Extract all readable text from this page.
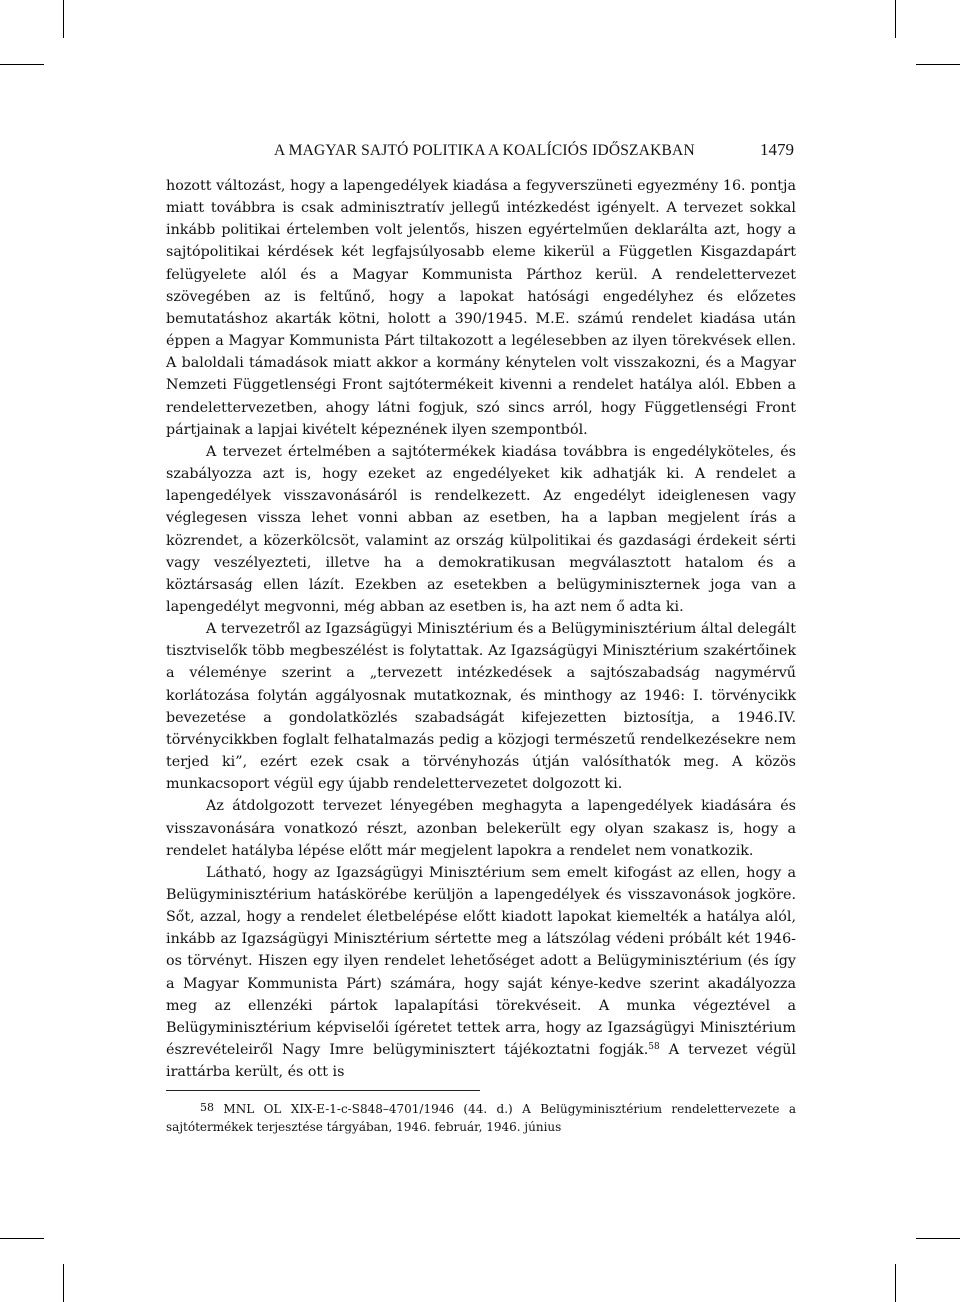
A MAGYAR SAJTÓ POLITIKA A KOALÍCIÓS IDŐSZAKBAN	1479

hozott változást, hogy a lapengedélyek kiadása a fegyverszüneti egyezmény 16. pontja miatt továbbra is csak adminisztratív jellegű intézkedést igényelt. A tervezet sokkal inkább politikai értelemben volt jelentős, hiszen egyértelműen deklarálta azt, hogy a sajtópolitikai kérdések két legfajsúlyosabb eleme kikerül a Független Kisgazdapárt felügyelete alól és a Magyar Kommunista Párthoz kerül. A rendelettervezet szövegében az is feltűnő, hogy a lapokat hatósági engedélyhez és előzetes bemutatáshoz akarták kötni, holott a 390/1945. M.E. számú rendelet kiadása után éppen a Magyar Kommunista Párt tiltakozott a legélesebben az ilyen törekvések ellen. A baloldali támadások miatt akkor a kormány kénytelen volt visszakozni, és a Magyar Nemzeti Függetlenségi Front sajtótermékeit kivenni a rendelet hatálya alól. Ebben a rendelettervezetben, ahogy látni fogjuk, szó sincs arról, hogy Függetlenségi Front pártjainak a lapjai kivételt képeznének ilyen szempontból.

A tervezet értelmében a sajtótermékek kiadása továbbra is engedélyköteles, és szabályozza azt is, hogy ezeket az engedélyeket kik adhatják ki. A rendelet a lapengedélyek visszavonásáról is rendelkezett. Az engedélyt ideiglenesen vagy véglegesen vissza lehet vonni abban az esetben, ha a lapban megjelent írás a közrendet, a közerkölcsöt, valamint az ország külpolitikai és gazdasági érdekeit sérti vagy veszélyezteti, illetve ha a demokratikusan megválasztott hatalom és a köztársaság ellen lázít. Ezekben az esetekben a belügyminiszternek joga van a lapengedélyt megvonni, még abban az esetben is, ha azt nem ő adta ki.

A tervezetről az Igazságügyi Minisztérium és a Belügyminisztérium által delegált tisztviselők több megbeszélést is folytattak. Az Igazságügyi Minisztérium szakértőinek a véleménye szerint a „tervezett intézkedések a sajtószabadság nagymérvű korlátozása folytán aggályosnak mutatkoznak, és minthogy az 1946: I. törvénycikk bevezetése a gondolatközlés szabadságát kifejezetten biztosítja, a 1946.IV. törvénycikkben foglalt felhatalmazás pedig a közjogi természetű rendelkezésekre nem terjed ki”, ezért ezek csak a törvényhozás útján valósíthatók meg. A közös munkacsoport végül egy újabb rendelettervezetet dolgozott ki.

Az átdolgozott tervezet lényegében meghagyta a lapengedélyek kiadására és visszavonására vonatkozó részt, azonban belekerült egy olyan szakasz is, hogy a rendelet hatályba lépése előtt már megjelent lapokra a rendelet nem vonatkozik.

Látható, hogy az Igazságügyi Minisztérium sem emelt kifogást az ellen, hogy a Belügyminisztérium hatáskörébe kerüljön a lapengedélyek és visszavonások jogköre. Sőt, azzal, hogy a rendelet életbelépése előtt kiadott lapokat kiemelték a hatálya alól, inkább az Igazságügyi Minisztérium sértette meg a látszólag védeni próbált két 1946-os törvényt. Hiszen egy ilyen rendelet lehetőséget adott a Belügyminisztérium (és így a Magyar Kommunista Párt) számára, hogy saját kénye-kedve szerint akadályozza meg az ellenzéki pártok lapalapítási törekvéseit. A munka végeztével a Belügyminisztérium képviselői ígéretet tettek arra, hogy az Igazságügyi Minisztérium észrevételeiről Nagy Imre belügyminisztert tájékoztatni fogják.$^{58}$ A tervezet végül irattárba került, és ott is

58 MNL OL XIX-E-1-c-S848–4701/1946 (44. d.) A Belügyminisztérium rendelettervezete a sajtótermékek terjesztése tárgyában, 1946. február, 1946. június
